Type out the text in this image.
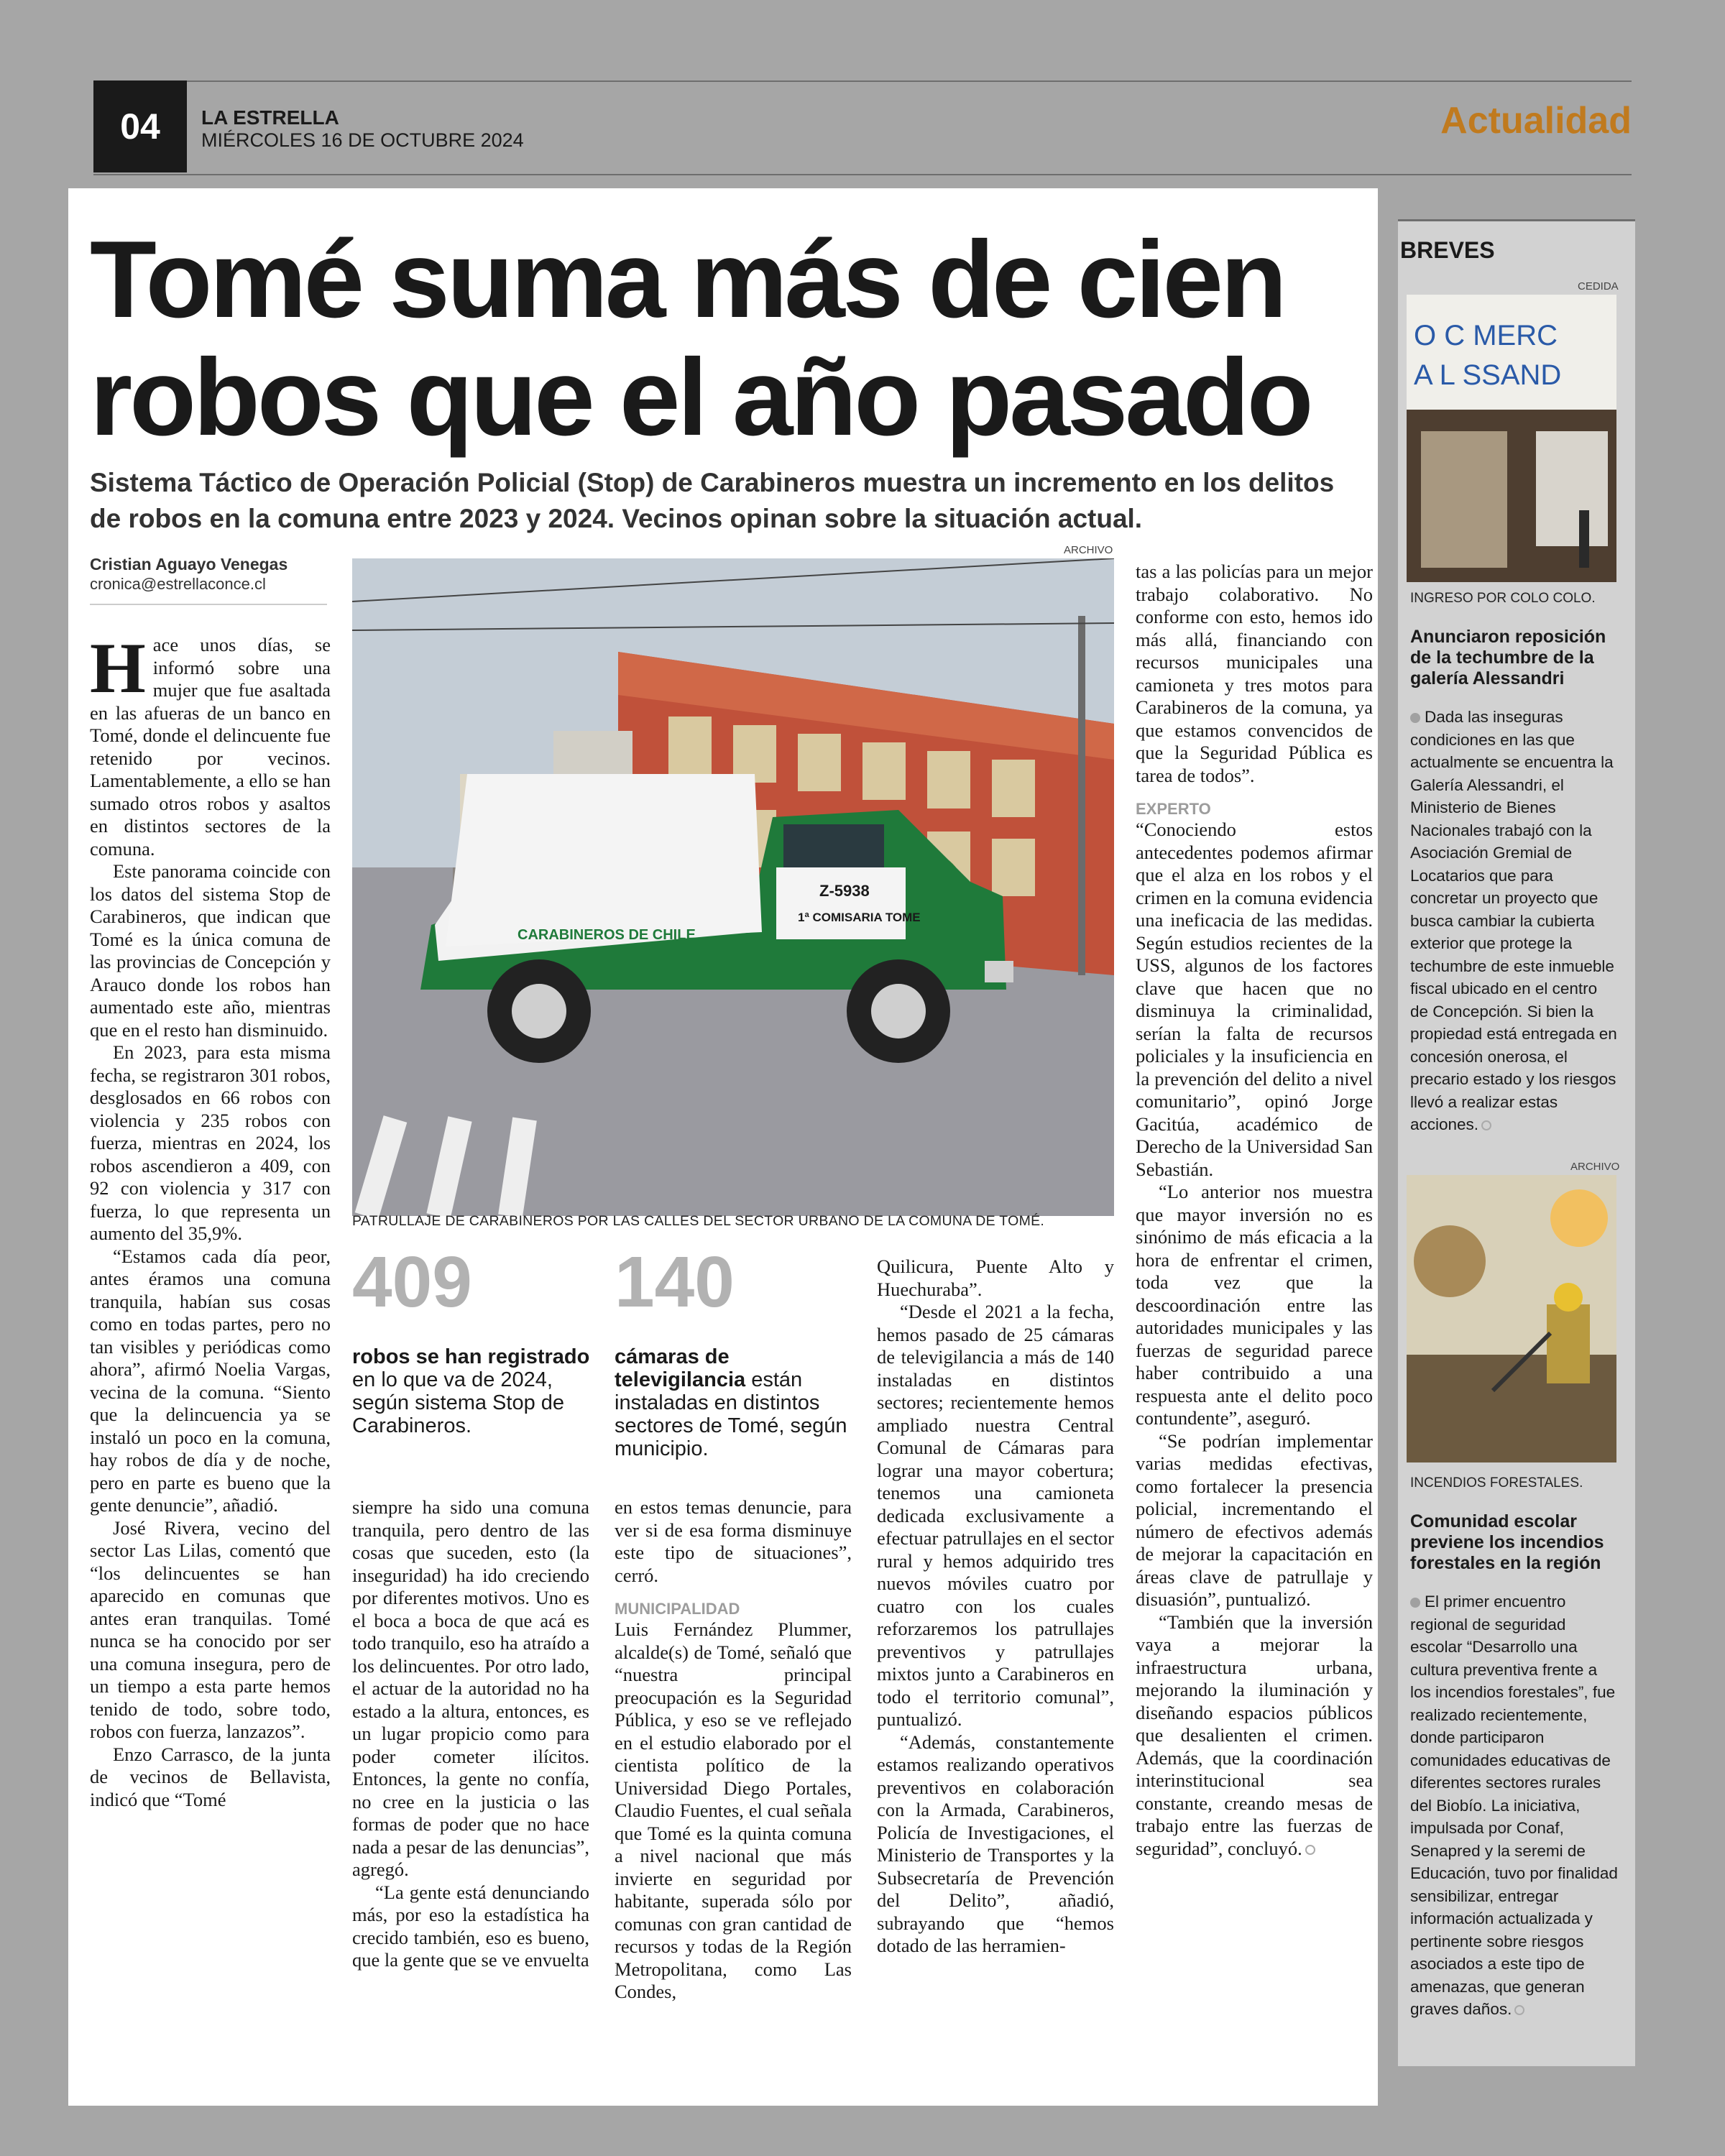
04	LA ESTRELLA
MIÉRCOLES 16 DE OCTUBRE 2024	Actualidad
Tomé suma más de cien robos que el año pasado

Sistema Táctico de Operación Policial (Stop) de Carabineros muestra un incremento en los delitos de robos en la comuna entre 2023 y 2024. Vecinos opinan sobre la situación actual.

Cristian Aguayo Venegas
cronica@estrellaconce.cl
ARCHIVO

Hace unos días, se informó sobre una mujer que fue asaltada en las afueras de un banco en Tomé, donde el delincuente fue retenido por vecinos. Lamentablemente, a ello se han sumado otros robos y asaltos en distintos sectores de la comuna.

Este panorama coincide con los datos del sistema Stop de Carabineros, que indican que Tomé es la única comuna de las provincias de Concepción y Arauco donde los robos han aumentado este año, mientras que en el resto han disminuido.

En 2023, para esta misma fecha, se registraron 301 robos, desglosados en 66 robos con violencia y 235 robos con fuerza, mientras en 2024, los robos ascendieron a 409, con 92 con violencia y 317 con fuerza, lo que representa un aumento del 35,9%.

“Estamos cada día peor, antes éramos una comuna tranquila, habían sus cosas como en todas partes, pero no tan visibles y periódicas como ahora”, afirmó Noelia Vargas, vecina de la comuna. “Siento que la delincuencia ya se instaló un poco en la comuna, hay robos de día y de noche, pero en parte es bueno que la gente denuncie”, añadió.

José Rivera, vecino del sector Las Lilas, comentó que “los delincuentes se han aparecido en comunas que antes eran tranquilas. Tomé nunca se ha conocido por ser una comuna insegura, pero de un tiempo a esta parte hemos tenido de todo, sobre todo, robos con fuerza, lanzazos”.

Enzo Carrasco, de la junta de vecinos de Bellavista, indicó que “Tomé

CARABINEROS DE CHILE
Z-5938
1ª COMISARIA TOME
PATRULLAJE DE CARABINEROS POR LAS CALLES DEL SECTOR URBANO DE LA COMUNA DE TOMÉ.
409
robos se han registrado en lo que va de 2024, según sistema Stop de Carabineros.
140
cámaras de televigilancia están instaladas en distintos sectores de Tomé, según municipio.

siempre ha sido una comuna tranquila, pero dentro de las cosas que suceden, esto (la inseguridad) ha ido creciendo por diferentes motivos. Uno es el boca a boca de que acá es todo tranquilo, eso ha atraído a los delincuentes. Por otro lado, el actuar de la autoridad no ha estado a la altura, entonces, es un lugar propicio como para poder cometer ilícitos. Entonces, la gente no confía, no cree en la justicia o las formas de poder que no hace nada a pesar de las denuncias”, agregó.

“La gente está denunciando más, por eso la estadística ha crecido también, eso es bueno, que la gente que se ve envuelta

en estos temas denuncie, para ver si de esa forma disminuye este tipo de situaciones”, cerró.

MUNICIPALIDAD

Luis Fernández Plummer, alcalde(s) de Tomé, señaló que “nuestra principal preocupación es la Seguridad Pública, y eso se ve reflejado en el estudio elaborado por el cientista político de la Universidad Diego Portales, Claudio Fuentes, el cual señala que Tomé es la quinta comuna a nivel nacional que más invierte en seguridad por habitante, superada sólo por comunas con gran cantidad de recursos y todas de la Región Metropolitana, como Las Condes,

Quilicura, Puente Alto y Huechuraba”.

“Desde el 2021 a la fecha, hemos pasado de 25 cámaras de televigilancia a más de 140 instaladas en distintos sectores; recientemente hemos ampliado nuestra Central Comunal de Cámaras para lograr una mayor cobertura; tenemos una camioneta dedicada exclusivamente a efectuar patrullajes en el sector rural y hemos adquirido tres nuevos móviles cuatro por cuatro con los cuales reforzaremos los patrullajes preventivos y patrullajes mixtos junto a Carabineros en todo el territorio comunal”, puntualizó.

“Además, constantemente estamos realizando operativos preventivos en colaboración con la Armada, Carabineros, Policía de Investigaciones, el Ministerio de Transportes y la Subsecretaría de Prevención del Delito”, añadió, subrayando que “hemos dotado de las herramien-

tas a las policías para un mejor trabajo colaborativo. No conforme con esto, hemos ido más allá, financiando con recursos municipales una camioneta y tres motos para Carabineros de la comuna, ya que estamos convencidos de que la Seguridad Pública es tarea de todos”.

EXPERTO

“Conociendo estos antecedentes podemos afirmar que el alza en los robos y el crimen en la comuna evidencia una ineficacia de las medidas. Según estudios recientes de la USS, algunos de los factores clave que hacen que no disminuya la criminalidad, serían la falta de recursos policiales y la insuficiencia en la prevención del delito a nivel comunitario”, opinó Jorge Gacitúa, académico de Derecho de la Universidad San Sebastián.

“Lo anterior nos muestra que mayor inversión no es sinónimo de más eficacia a la hora de enfrentar el crimen, toda vez que la descoordinación entre las autoridades municipales y las fuerzas de seguridad parece haber contribuido a una respuesta ante el delito poco contundente”, aseguró.

“Se podrían implementar varias medidas efectivas, como fortalecer la presencia policial, incrementando el número de efectivos además de mejorar la capacitación en áreas clave de patrullaje y disuasión”, puntualizó.

“También que la inversión vaya a mejorar la infraestructura urbana, mejorando la iluminación y diseñando espacios públicos que desalienten el crimen. Además, que la coordinación interinstitucional sea constante, creando mesas de trabajo entre las fuerzas de seguridad”, concluyó.

BREVES
CEDIDA
O C MERC
A L SSAND
INGRESO POR COLO COLO.
Anunciaron reposición de la techumbre de la galería Alessandri
Dada las inseguras condiciones en las que actualmente se encuentra la Galería Alessandri, el Ministerio de Bienes Nacionales trabajó con la Asociación Gremial de Locatarios que para concretar un proyecto que busca cambiar la cubierta exterior que protege la techumbre de este inmueble fiscal ubicado en el centro de Concepción. Si bien la propiedad está entregada en concesión onerosa, el precario estado y los riesgos llevó a realizar estas acciones.
ARCHIVO
INCENDIOS FORESTALES.
Comunidad escolar previene los incendios forestales en la región
El primer encuentro regional de seguridad escolar “Desarrollo una cultura preventiva frente a los incendios forestales”, fue realizado recientemente, donde participaron comunidades educativas de diferentes sectores rurales del Biobío. La iniciativa, impulsada por Conaf, Senapred y la seremi de Educación, tuvo por finalidad sensibilizar, entregar información actualizada y pertinente sobre riesgos asociados a este tipo de amenazas, que generan graves daños.
